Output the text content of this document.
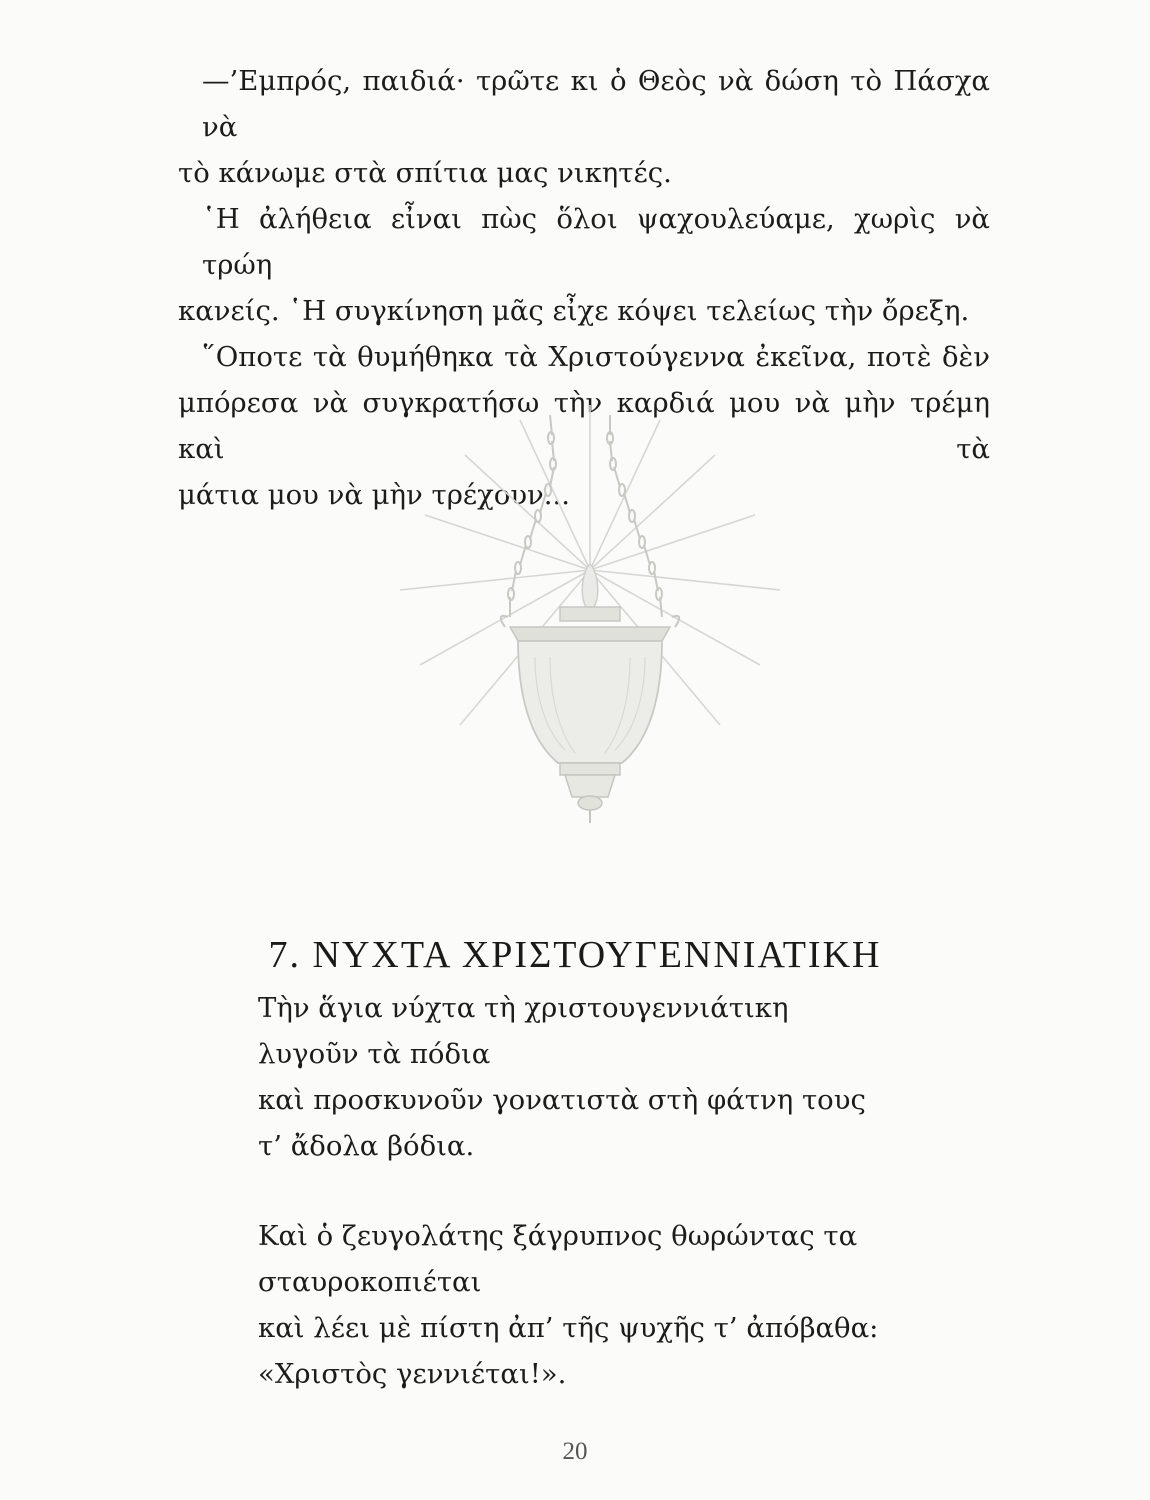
—’Εμπρός, παιδιά· τρῶτε κι ὁ Θεὸς νὰ δώση τὸ Πάσχα νὰ
τὸ κάνωμε στὰ σπίτια μας νικητές.

῾Η ἀλήθεια εἶναι πὼς ὅλοι ψαχουλεύαμε, χωρὶς νὰ τρώη
κανείς. ῾Η συγκίνηση μᾶς εἶχε κόψει τελείως τὴν ὄρεξη.

῞Οποτε τὰ θυμήθηκα τὰ Χριστούγεννα ἐκεῖνα, ποτὲ δὲν
μπόρεσα νὰ συγκρατήσω τὴν καρδιά μου νὰ μὴν τρέμη καὶ τὰ
μάτια μου νὰ μὴν τρέχουν...

7. ΝΥΧΤΑ ΧΡΙΣΤΟΥΓΕΝΝΙΑΤΙΚΗ
Τὴν ἅγια νύχτα τὴ χριστουγεννιάτικη
λυγοῦν τὰ πόδια
καὶ προσκυνοῦν γονατιστὰ στὴ φάτνη τους
τ’ ἄδολα βόδια.
Καὶ ὁ ζευγολάτης ξάγρυπνος θωρώντας τα
σταυροκοπιέται
καὶ λέει μὲ πίστη ἀπ’ τῆς ψυχῆς τ’ ἀπόβαθα:
«Χριστὸς γεννιέται!».
20
